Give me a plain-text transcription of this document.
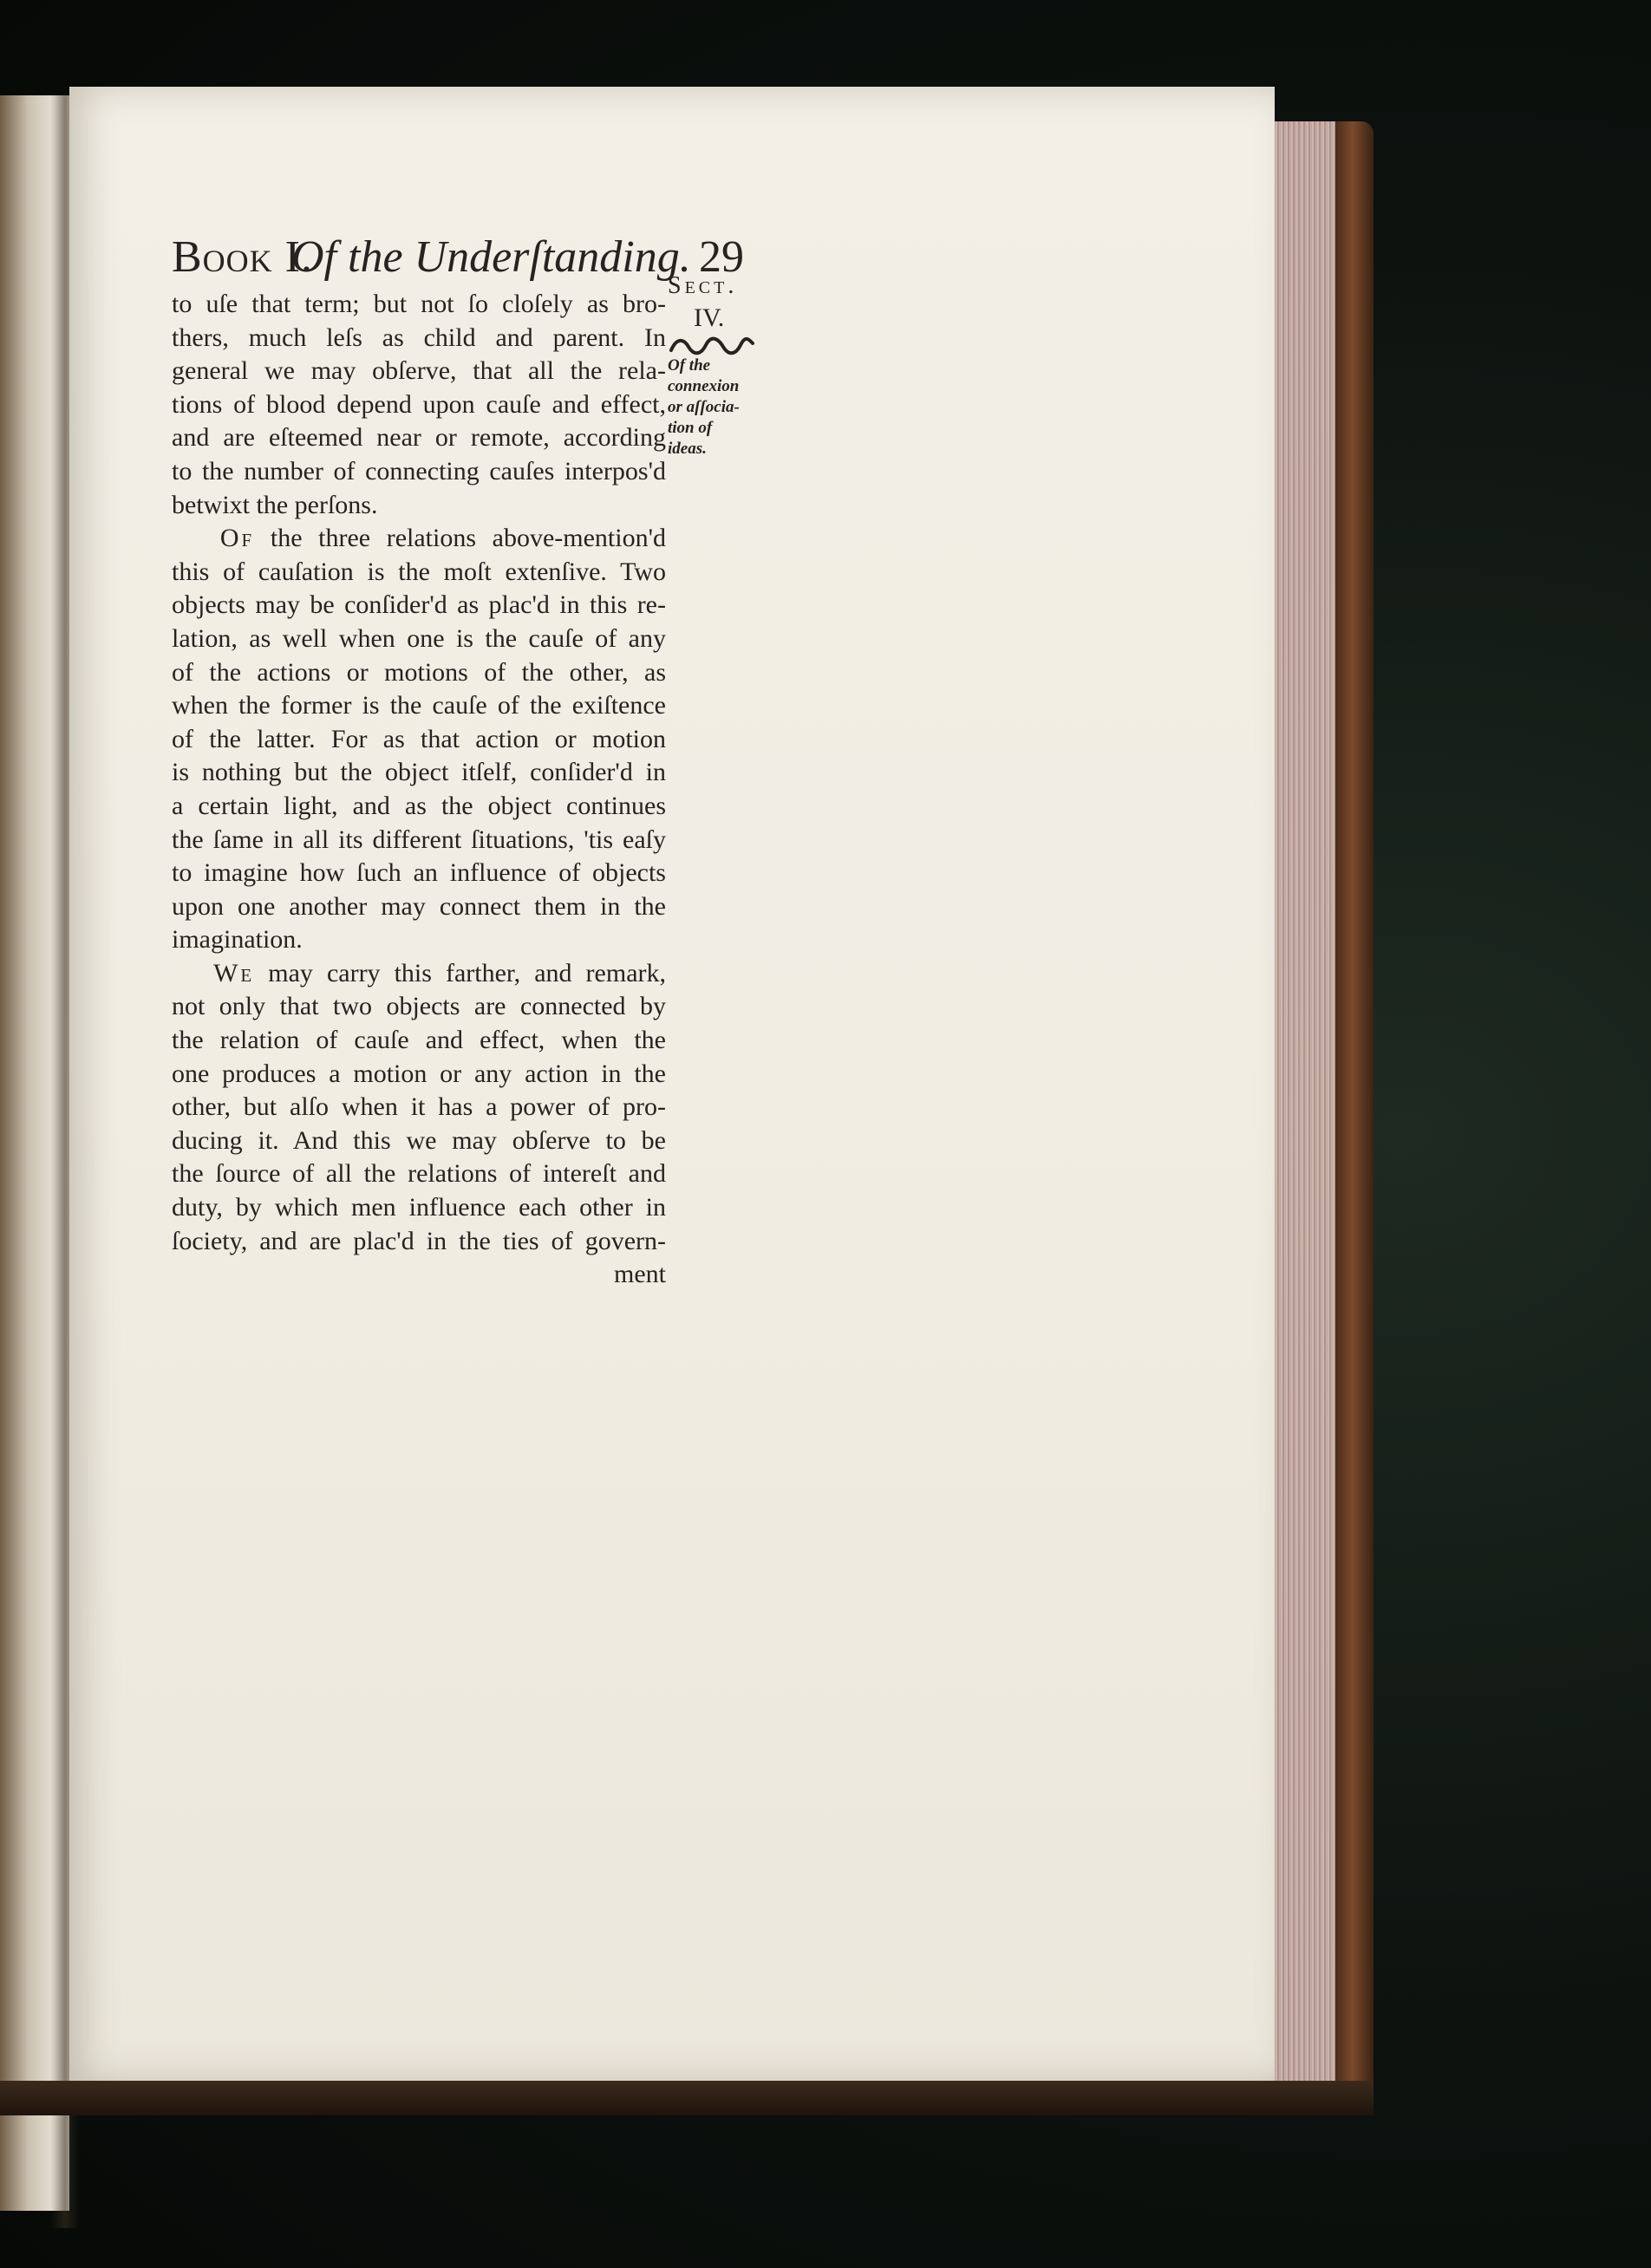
Book I.
Of the Underſtanding. 29
to uſe that term; but not ſo cloſely as bro-
thers, much leſs as child and parent. In
general we may obſerve, that all the rela-
tions of blood depend upon cauſe and effect,
and are eſteemed near or remote, according
to the number of connecting cauſes interpos'd
betwixt the perſons.
Of the three relations above-mention'd
this of cauſation is the moſt extenſive. Two
objects may be conſider'd as plac'd in this re-
lation, as well when one is the cauſe of any
of the actions or motions of the other, as
when the former is the cauſe of the exiſtence
of the latter. For as that action or motion
is nothing but the object itſelf, conſider'd in
a certain light, and as the object continues
the ſame in all its different ſituations, 'tis eaſy
to imagine how ſuch an influence of objects
upon one another may connect them in the
imagination.
We may carry this farther, and remark,
not only that two objects are connected by
the relation of cauſe and effect, when the
one produces a motion or any action in the
other, but alſo when it has a power of pro-
ducing it. And this we may obſerve to be
the ſource of all the relations of intereſt and
duty, by which men influence each other in
ſociety, and are plac'd in the ties of govern-
ment
Sect.
IV.
Of the
connexion
or aſſocia-
tion of
ideas.
